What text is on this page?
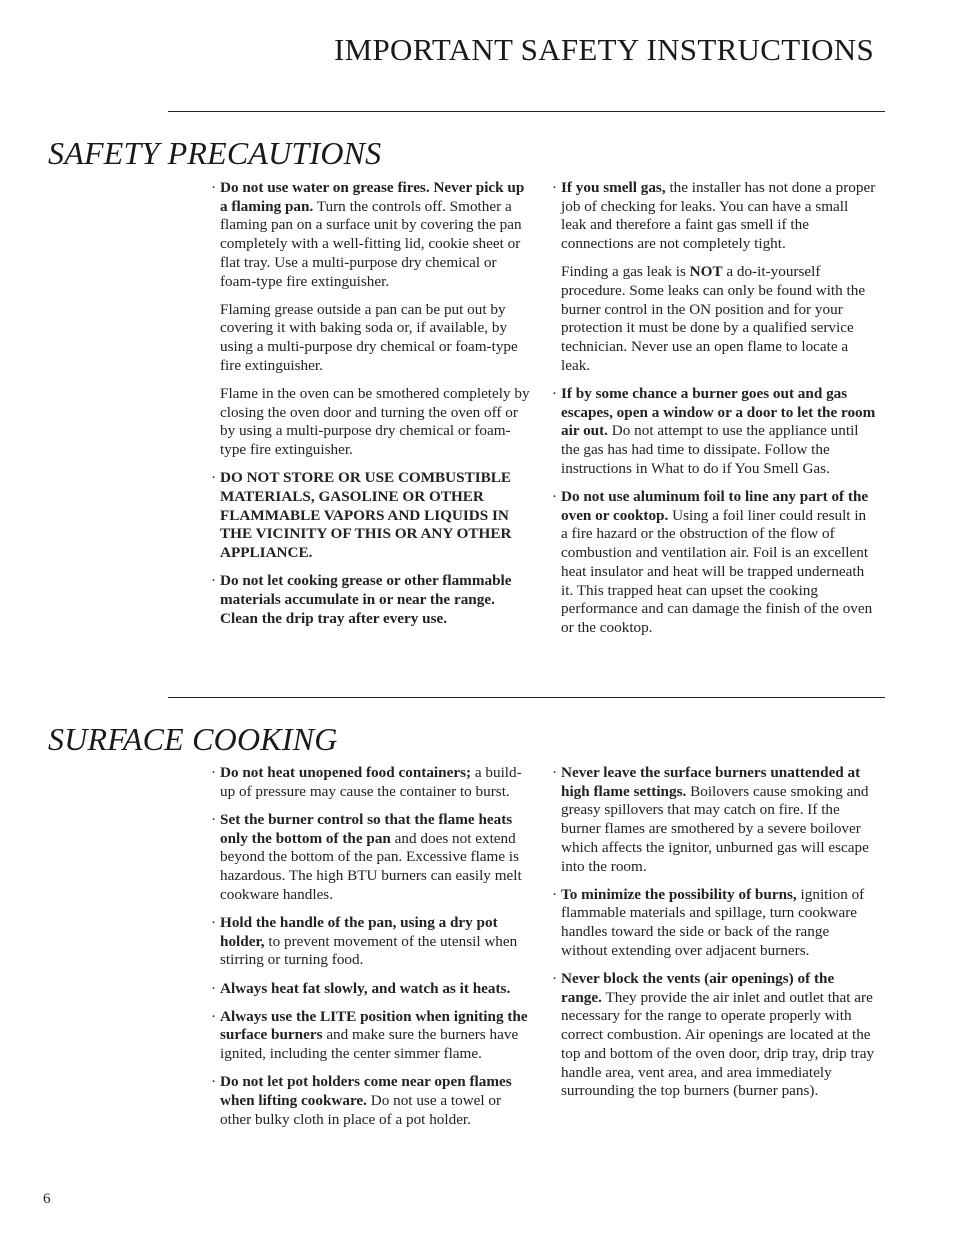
IMPORTANT SAFETY INSTRUCTIONS
SAFETY PRECAUTIONS
· Do not use water on grease fires. Never pick up a flaming pan. Turn the controls off. Smother a flaming pan on a surface unit by covering the pan completely with a well-fitting lid, cookie sheet or flat tray. Use a multi-purpose dry chemical or foam-type fire extinguisher.

Flaming grease outside a pan can be put out by covering it with baking soda or, if available, by using a multi-purpose dry chemical or foam-type fire extinguisher.

Flame in the oven can be smothered completely by closing the oven door and turning the oven off or by using a multi-purpose dry chemical or foam-type fire extinguisher.

· DO NOT STORE OR USE COMBUSTIBLE MATERIALS, GASOLINE OR OTHER FLAMMABLE VAPORS AND LIQUIDS IN THE VICINITY OF THIS OR ANY OTHER APPLIANCE.

· Do not let cooking grease or other flammable materials accumulate in or near the range. Clean the drip tray after every use.

· If you smell gas, the installer has not done a proper job of checking for leaks. You can have a small leak and therefore a faint gas smell if the connections are not completely tight.

Finding a gas leak is NOT a do-it-yourself procedure. Some leaks can only be found with the burner control in the ON position and for your protection it must be done by a qualified service technician. Never use an open flame to locate a leak.

· If by some chance a burner goes out and gas escapes, open a window or a door to let the room air out. Do not attempt to use the appliance until the gas has had time to dissipate. Follow the instructions in What to do if You Smell Gas.

· Do not use aluminum foil to line any part of the oven or cooktop. Using a foil liner could result in a fire hazard or the obstruction of the flow of combustion and ventilation air. Foil is an excellent heat insulator and heat will be trapped underneath it. This trapped heat can upset the cooking performance and can damage the finish of the oven or the cooktop.

SURFACE COOKING
· Do not heat unopened food containers; a build-up of pressure may cause the container to burst.

· Set the burner control so that the flame heats only the bottom of the pan and does not extend beyond the bottom of the pan. Excessive flame is hazardous. The high BTU burners can easily melt cookware handles.

· Hold the handle of the pan, using a dry pot holder, to prevent movement of the utensil when stirring or turning food.

· Always heat fat slowly, and watch as it heats.

· Always use the LITE position when igniting the surface burners and make sure the burners have ignited, including the center simmer flame.

· Do not let pot holders come near open flames when lifting cookware. Do not use a towel or other bulky cloth in place of a pot holder.

· Never leave the surface burners unattended at high flame settings. Boilovers cause smoking and greasy spillovers that may catch on fire. If the burner flames are smothered by a severe boilover which affects the ignitor, unburned gas will escape into the room.

· To minimize the possibility of burns, ignition of flammable materials and spillage, turn cookware handles toward the side or back of the range without extending over adjacent burners.

· Never block the vents (air openings) of the range. They provide the air inlet and outlet that are necessary for the range to operate properly with correct combustion. Air openings are located at the top and bottom of the oven door, drip tray, drip tray handle area, vent area, and area immediately surrounding the top burners (burner pans).

6
